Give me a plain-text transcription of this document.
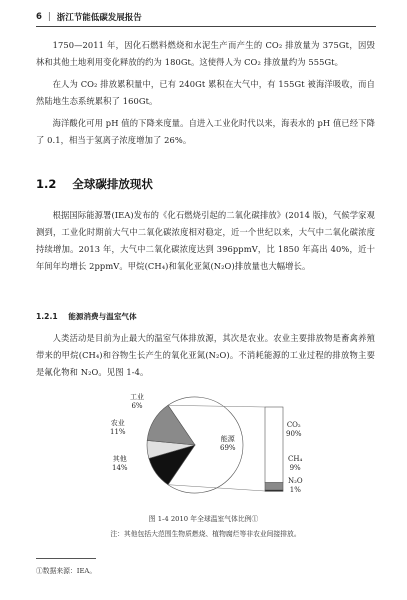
6 | 浙江节能低碳发展报告

1750—2011 年，因化石燃料燃烧和水泥生产而产生的 CO₂ 排放量为 375Gt，因毁林和其他土地利用变化释放的约为 180Gt。这使得人为 CO₂ 排放量约为 555Gt。

在人为 CO₂ 排放累积量中，已有 240Gt 累积在大气中，有 155Gt 被海洋吸收，而自然陆地生态系统累积了 160Gt。

海洋酸化可用 pH 值的下降来度量。自进入工业化时代以来，海表水的 pH 值已经下降了 0.1，相当于氢离子浓度增加了 26%。

1.2 全球碳排放现状

根据国际能源署(IEA)发布的《化石燃烧引起的二氧化碳排放》(2014 版)，气候学家观测到，工业化时期前大气中二氧化碳浓度相对稳定，近一个世纪以来，大气中二氧化碳浓度持续增加。2013 年，大气中二氧化碳浓度达到 396ppmV，比 1850 年高出 40%，近十年间年均增长 2ppmV。甲烷(CH₄)和氧化亚氮(N₂O)排放量也大幅增长。

1.2.1 能源消费与温室气体

人类活动是目前为止最大的温室气体排放源，其次是农业。农业主要排放物是畜禽养殖带来的甲烷(CH₄)和谷物生长产生的氧化亚氮(N₂O)。不消耗能源的工业过程的排放物主要是氟化物和 N₂O。见图 1-4。

工业
6%
农业
11%
其他
14%
能源
69%
CO₂
90%
CH₄
9%
N₂O
1%
图 1-4 2010 年全球温室气体比例①
注：其他包括大范围生物质燃烧、植物腐烂等非农业间接排放。
①数据来源：IEA。
